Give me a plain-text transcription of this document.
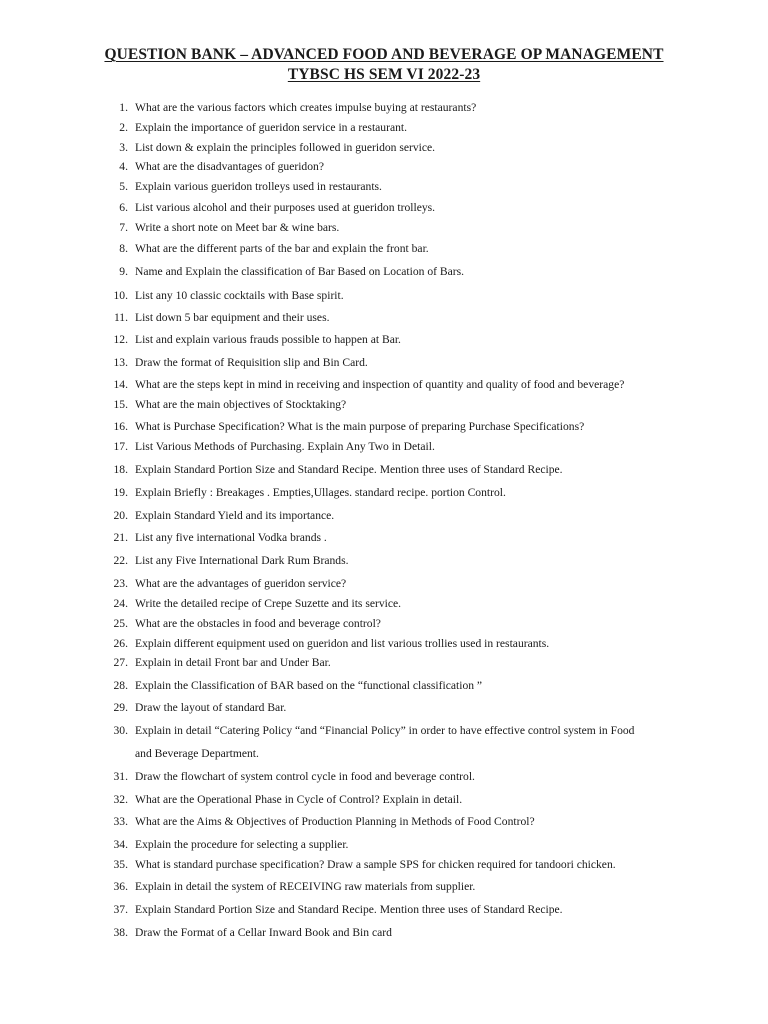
QUESTION BANK – ADVANCED FOOD AND BEVERAGE OP MANAGEMENT
TYBSC HS SEM VI 2022-23
1. What are the various factors which creates impulse buying at restaurants?
2. Explain the importance of gueridon service in a restaurant.
3. List down & explain the principles followed in gueridon service.
4. What are the disadvantages of gueridon?
5. Explain various gueridon trolleys used in restaurants.
6. List various alcohol and their purposes used at gueridon trolleys.
7. Write a short note on Meet bar & wine bars.
8. What are the different parts of the bar and explain the front bar.
9. Name and Explain the classification of Bar Based on Location of Bars.
10. List any 10 classic cocktails with Base spirit.
11. List down 5 bar equipment and their uses.
12. List and explain various frauds possible to happen at Bar.
13. Draw the format of Requisition slip and Bin Card.
14. What are the steps kept in mind in receiving and inspection of quantity and quality of food and beverage?
15. What are the main objectives of Stocktaking?
16. What is Purchase Specification? What is the main purpose of preparing Purchase Specifications?
17. List Various Methods of Purchasing. Explain Any Two in Detail.
18. Explain Standard Portion Size and Standard Recipe. Mention three uses of Standard Recipe.
19. Explain Briefly : Breakages . Empties,Ullages. standard recipe. portion Control.
20. Explain Standard Yield and its importance.
21. List any five international Vodka brands .
22. List any Five International Dark Rum Brands.
23. What are the advantages of gueridon service?
24. Write the detailed recipe of Crepe Suzette and its service.
25. What are the obstacles in food and beverage control?
26. Explain different equipment used on gueridon and list various trollies used in restaurants.
27. Explain in detail Front bar and Under Bar.
28. Explain the Classification of BAR based on the “functional classification ”
29. Draw the layout of standard Bar.
30. Explain in detail “Catering Policy “and “Financial Policy” in order to have effective control system in Food
and Beverage Department.
31. Draw the flowchart of system control cycle in food and beverage control.
32. What are the Operational Phase in Cycle of Control? Explain in detail.
33. What are the Aims & Objectives of Production Planning in Methods of Food Control?
34. Explain the procedure for selecting a supplier.
35. What is standard purchase specification? Draw a sample SPS for chicken required for tandoori chicken.
36. Explain in detail the system of RECEIVING raw materials from supplier.
37. Explain Standard Portion Size and Standard Recipe. Mention three uses of Standard Recipe.
38. Draw the Format of a Cellar Inward Book and Bin card
